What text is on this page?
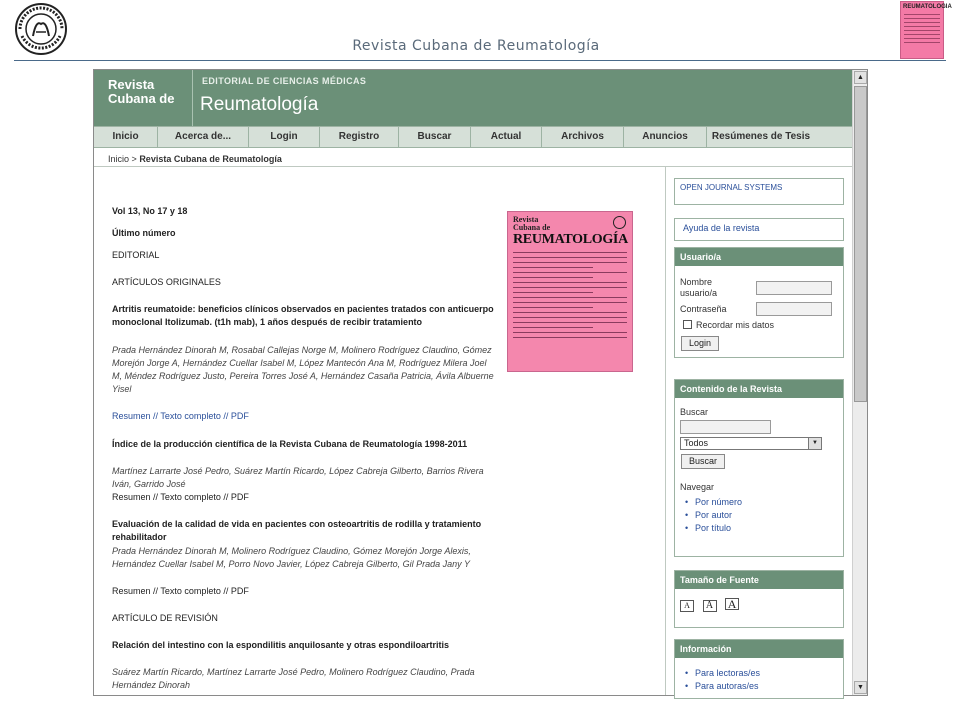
Revista Cubana de Reumatología
REUMATOLOGIA
Revista
Cubana de
EDITORIAL DE CIENCIAS MÉDICAS
Reumatología
Inicio	Acerca de...	Login	Registro	Buscar	Actual	Archivos	Anuncios	Resúmenes de Tesis
Inicio > Revista Cubana de Reumatología
Vol 13, No 17 y 18
Último número
EDITORIAL
ARTÍCULOS ORIGINALES
Artritis reumatoide: beneficios clínicos observados en pacientes tratados con anticuerpo monoclonal Itolizumab. (t1h mab), 1 años después de recibir tratamiento
Prada Hernández Dinorah M, Rosabal Callejas Norge M, Molinero Rodríguez Claudino, Gómez Morejón Jorge A, Hernández Cuellar Isabel M, López Mantecón Ana M, Rodríguez Milera Joel M, Méndez Rodríguez Justo, Pereira Torres José A, Hernández Casaña Patricia, Ávila Albuerne Yisel
Resumen // Texto completo // PDF
Índice de la producción científica de la Revista Cubana de Reumatología 1998-2011
Martínez Larrarte José Pedro, Suárez Martín Ricardo, López Cabreja Gilberto, Barrios Rivera Iván, Garrido José
Resumen // Texto completo // PDF
Evaluación de la calidad de vida en pacientes con osteoartritis de rodilla y tratamiento rehabilitador
Prada Hernández Dinorah M, Molinero Rodríguez Claudino, Gómez Morejón Jorge Alexis, Hernández Cuellar Isabel M, Porro Novo Javier, López Cabreja Gilberto, Gil Prada Jany Y
Resumen // Texto completo // PDF
ARTÍCULO DE REVISIÓN
Relación del intestino con la espondilitis anquilosante y otras espondiloartritis
Suárez Martín Ricardo, Martínez Larrarte José Pedro, Molinero Rodríguez Claudino, Prada Hernández Dinorah
Revista
Cubana de
REUMATOLOGÍA
OPEN JOURNAL SYSTEMS
Ayuda de la revista
Usuario/a
Nombre
usuario/a
Contraseña
Recordar mis datos
Login
Contenido de la Revista
Buscar
Todos	▼
Buscar
Navegar
• Por número
• Por autor
• Por título
Tamaño de Fuente
A A A
Información
• Para lectoras/es
• Para autoras/es
▲
▼
